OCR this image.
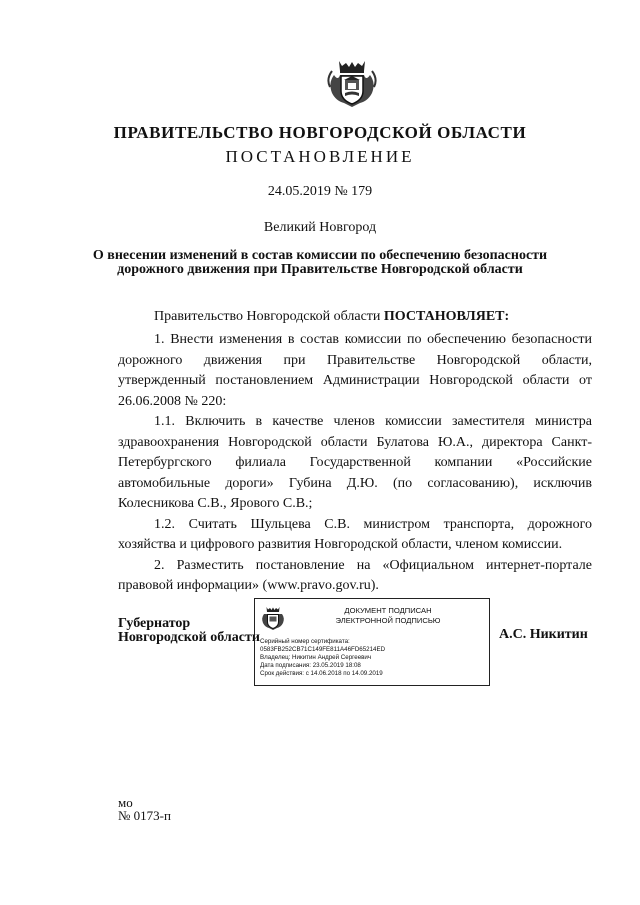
ПРАВИТЕЛЬСТВО НОВГОРОДСКОЙ ОБЛАСТИ
ПОСТАНОВЛЕНИЕ
24.05.2019 № 179
Великий Новгород
О внесении изменений в состав комиссии по обеспечению безопасности
дорожного движения при Правительстве Новгородской области

Правительство Новгородской области ПОСТАНОВЛЯЕТ:

1. Внести изменения в состав комиссии по обеспечению безопасности дорожного движения при Правительстве Новгородской области, утвержденный постановлением Администрации Новгородской области от 26.06.2008 № 220:

1.1. Включить в качестве членов комиссии заместителя министра здравоохранения Новгородской области Булатова Ю.А., директора Санкт-Петербургского филиала Государственной компании «Российские автомобильные дороги» Губина Д.Ю. (по согласованию), исключив Колесникова С.В., Ярового С.В.;

1.2. Считать Шульцева С.В. министром транспорта, дорожного хозяйства и цифрового развития Новгородской области, членом комиссии.

2. Разместить постановление на «Официальном интернет-портале правовой информации» (www.pravo.gov.ru).

Губернатор
Новгородской области
ДОКУМЕНТ ПОДПИСАН
ЭЛЕКТРОННОЙ ПОДПИСЬЮ
Серийный номер сертификата:
0583FB252CB71C149FE811A46FD65214ED
Владелец: Никитин Андрей Сергеевич
Дата подписания: 23.05.2019 18:08
Срок действия: с 14.06.2018 по 14.09.2019
А.С. Никитин
мо
№ 0173-п
